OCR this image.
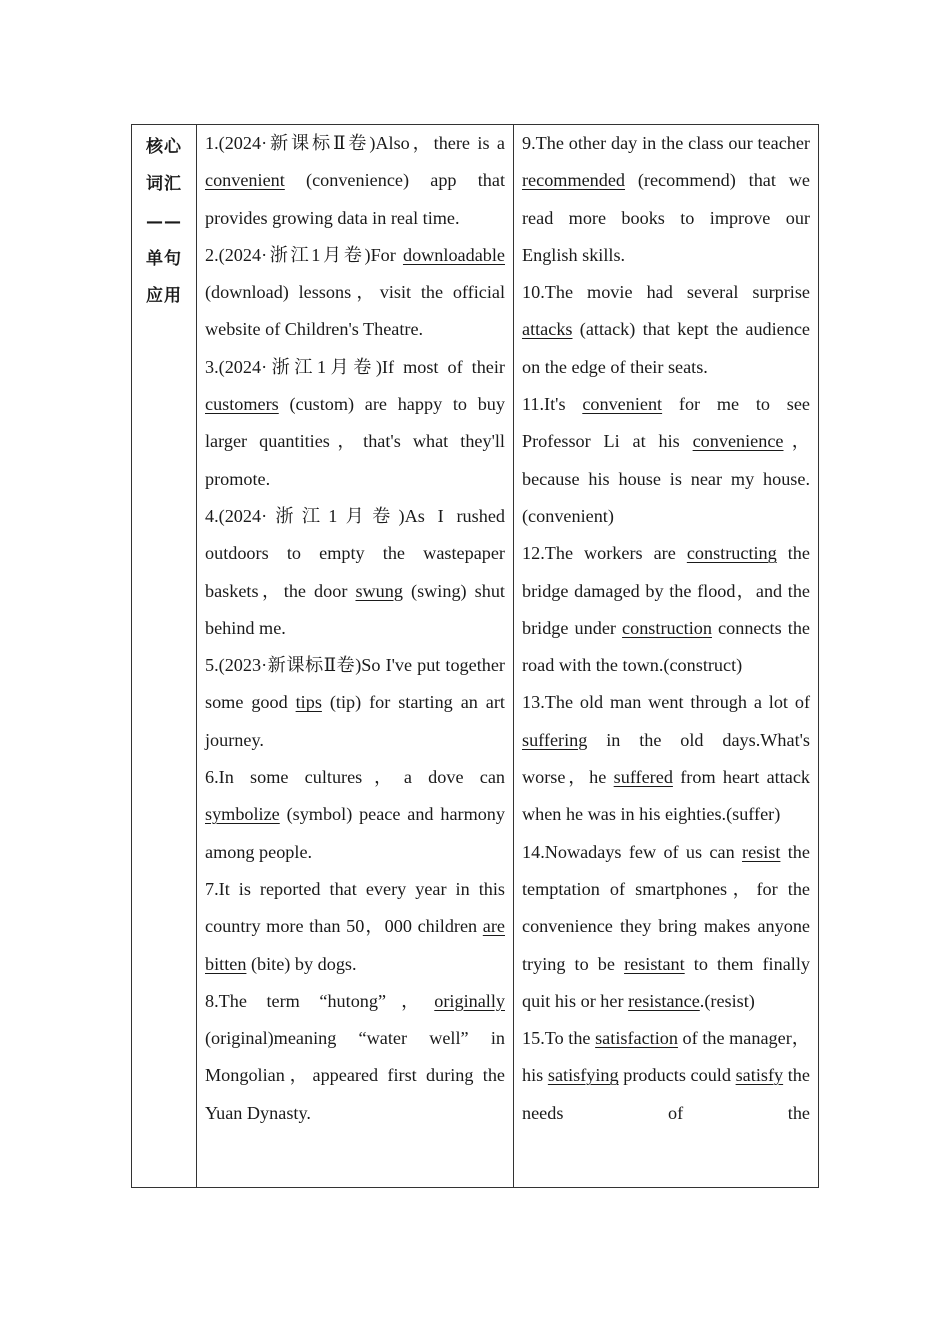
核心
词汇
——
单句
应用

1.(2024·新课标Ⅱ卷)Also，there is a convenient (convenience) app that provides growing data in real time.

2.(2024·浙江1月卷)For downloadable (download) lessons，visit the official website of Children's Theatre.

3.(2024·浙江1月卷)If most of their customers (custom) are happy to buy larger quantities，that's what they'll promote.

4.(2024·浙江1月卷)As I rushed outdoors to empty the wastepaper baskets，the door swung (swing) shut behind me.

5.(2023·新课标Ⅱ卷)So I've put together some good tips (tip) for starting an art journey.

6.In some cultures，a dove can symbolize (symbol) peace and harmony among people.

7.It is reported that every year in this country more than 50，000 children are bitten (bite) by dogs.

8.The term “hutong”，originally (original)meaning “water well” in Mongolian，appeared first during the Yuan Dynasty.

9.The other day in the class our teacher recommended (recommend) that we read more books to improve our English skills.

10.The movie had several surprise attacks (attack) that kept the audience on the edge of their seats.

11.It's convenient for me to see Professor Li at his convenience，because his house is near my house.(convenient)

12.The workers are constructing the bridge damaged by the flood，and the bridge under construction connects the road with the town.(construct)

13.The old man went through a lot of suffering in the old days.What's worse，he suffered from heart attack when he was in his eighties.(suffer)

14.Nowadays few of us can resist the temptation of smartphones，for the convenience they bring makes anyone trying to be resistant to them finally quit his or her resistance.(resist)

15.To the satisfaction of the manager，his satisfying products could satisfy the needs of the
